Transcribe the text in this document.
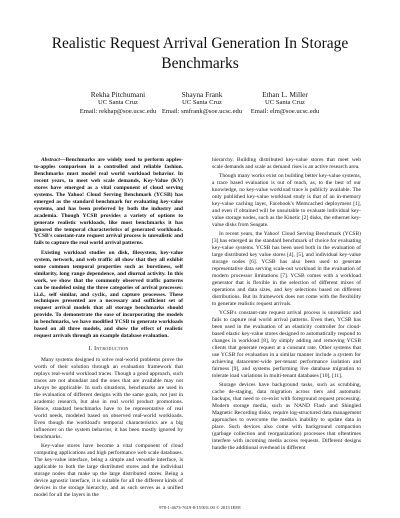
Realistic Request Arrival Generation In Storage Benchmarks
Rekha Pitchumani
UC Santa Cruz
Email: rekhap@soe.ucsc.edu
Shayna Frank
UC Santa Cruz
Email: smfrank@soe.ucsc.edu
Ethan L. Miller
UC Santa Cruz
Email: elm@soe.ucsc.edu

Abstract—Benchmarks are widely used to perform apples-to-apples comparison in a controlled and reliable fashion. Benchmarks must model real world workload behavior. In recent years, to meet web scale demands, Key-Value (KV) stores have emerged as a vital component of cloud serving systems. The Yahoo! Cloud Serving Benchmark (YCSB) has emerged as the standard benchmark for evaluating key-value systems, and has been preferred by both the industry and academia. Though YCSB provides a variety of options to generate realistic workloads, like most benchmarks it has ignored the temporal characteristics of generated workloads. YCSB's constant-rate request arrival process is unrealistic and fails to capture the real world arrival patterns.

Existing workload studies on disk, filesystem, key-value system, network, and web traffic all show that they all exhibit some common temporal properties such as burstiness, self similarity, long range dependence, and diurnal activity. In this work, we show that the commonly observed traffic patterns can be modeled using the three categories of arrival processes: i.i.d., self similar, and cyclic, and capture processes. These techniques presented are a necessary and sufficient set of request arrival models that all storage benchmarks should provide. To demonstrate the ease of incorporating the models in benchmarks, we have modified YCSB to generate workloads based on all three models, and show the effect of realistic request arrivals through an example database evaluation.

I. Introduction

Many systems designed to solve real-world problems prove the worth of their solution through an evaluation framework that replays real-world workload traces. Though a good approach, such traces are not abundant and the ones that are available may not always be applicable. In such situations, benchmarks are used in the evaluation of different designs with the same goals, not just in academic research, but also in real world product promotions. Hence, standard benchmarks have to be representative of real world needs, modeled based on observed real-world workloads. Even though the workload's temporal characteristics are a big influencer on the system behavior, it has been mostly ignored by benchmarks.

Key-value stores have become a vital component of cloud computing applications and high performance web scale databases. The key-value interface, being a simple and versatile interface, is applicable to both the large distributed stores and the individual storage nodes that make up the large distributed stores. Being a device agnostic interface, it is suitable for all the different kinds of devices in the storage hierarchy, and as such serves as a unified model for all the layers in the

hierarchy. Building distributed key-value stores that meet web scale demands and scale as demand rises is an active research area.

Though many works exist on building better key-value systems, a trace based evaluation is out of reach, as, to the best of our knowledge, no key-value workload trace is publicly available. The only published key-value workload study is that of an in-memory key-value caching layer, Facebook's Memcached deployment [1], and even if obtained will be unsuitable to evaluate individual key-value storage nodes, such as the Kinetic [2] disks, the ethernet key-value disks from Seagate.

In recent years, the Yahoo! Cloud Serving Benchmark (YCSB) [3] has emerged as the standard benchmark of choice for evaluating key-value systems. YCSB has been used both in the evaluation of large distributed key value stores [4], [5], and individual key-value storage nodes [6]. YCSB has also been used to generate representative data serving scale-out workload in the evaluation of modern processor limitations [7]. YCSB comes with a workload generator that is flexible in the selection of different mixes of operations and data sizes, and key selections based on different distributions. But its framework does not come with the flexibility to generate realistic request arrivals.

YCSB's constant-rate request arrival process is unrealistic and fails to capture real world arrival patterns. Even then, YCSB has been used in the evaluation of an elasticity controller for cloud-based elastic key-value stores designed to automatically respond to changes in workload [8], by simply adding and removing YCSB clients that generate request at a constant rate. Other systems that use YCSB for evaluation in a similar manner include a system for achieving datacenter-wide per-tenant performance isolation and fairness [9], and systems performing live database migration to tolerate load variations in multi-tenant databases [10], [11].

Storage devices have background tasks, such as scrubbing, cache de-staging, data migration across tiers and automatic backups, that need to co-exist with foreground request processing. Modern storage media, such as NAND Flash and Shingled Magnetic Recording disks, require log-structured data management approaches to overcome the media's inability to update data in place. Such devices also come with background compaction (garbage collection and reorganization) processes that oftentimes interfere with incoming media access requests. Different designs handle the additional overhead in different

978-1-4673-7619-8/15/$31.00 © 2015 IEEE
